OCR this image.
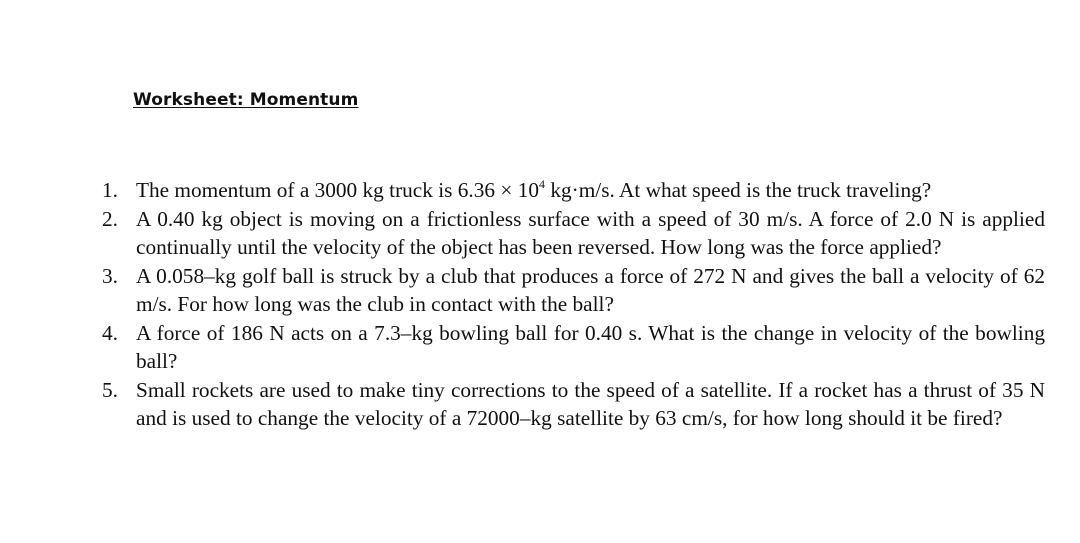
Worksheet: Momentum
1. The momentum of a 3000 kg truck is $6.36 \times 10^4$ kg·m/s. At what speed is the truck traveling?
2. A 0.40 kg object is moving on a frictionless surface with a speed of 30 m/s. A force of 2.0 N is applied continually until the velocity of the object has been reversed. How long was the force applied?
3. A 0.058–kg golf ball is struck by a club that produces a force of 272 N and gives the ball a velocity of 62 m/s. For how long was the club in contact with the ball?
4. A force of 186 N acts on a 7.3–kg bowling ball for 0.40 s. What is the change in velocity of the bowling ball?
5. Small rockets are used to make tiny corrections to the speed of a satellite. If a rocket has a thrust of 35 N and is used to change the velocity of a 72000–kg satellite by 63 cm/s, for how long should it be fired?
